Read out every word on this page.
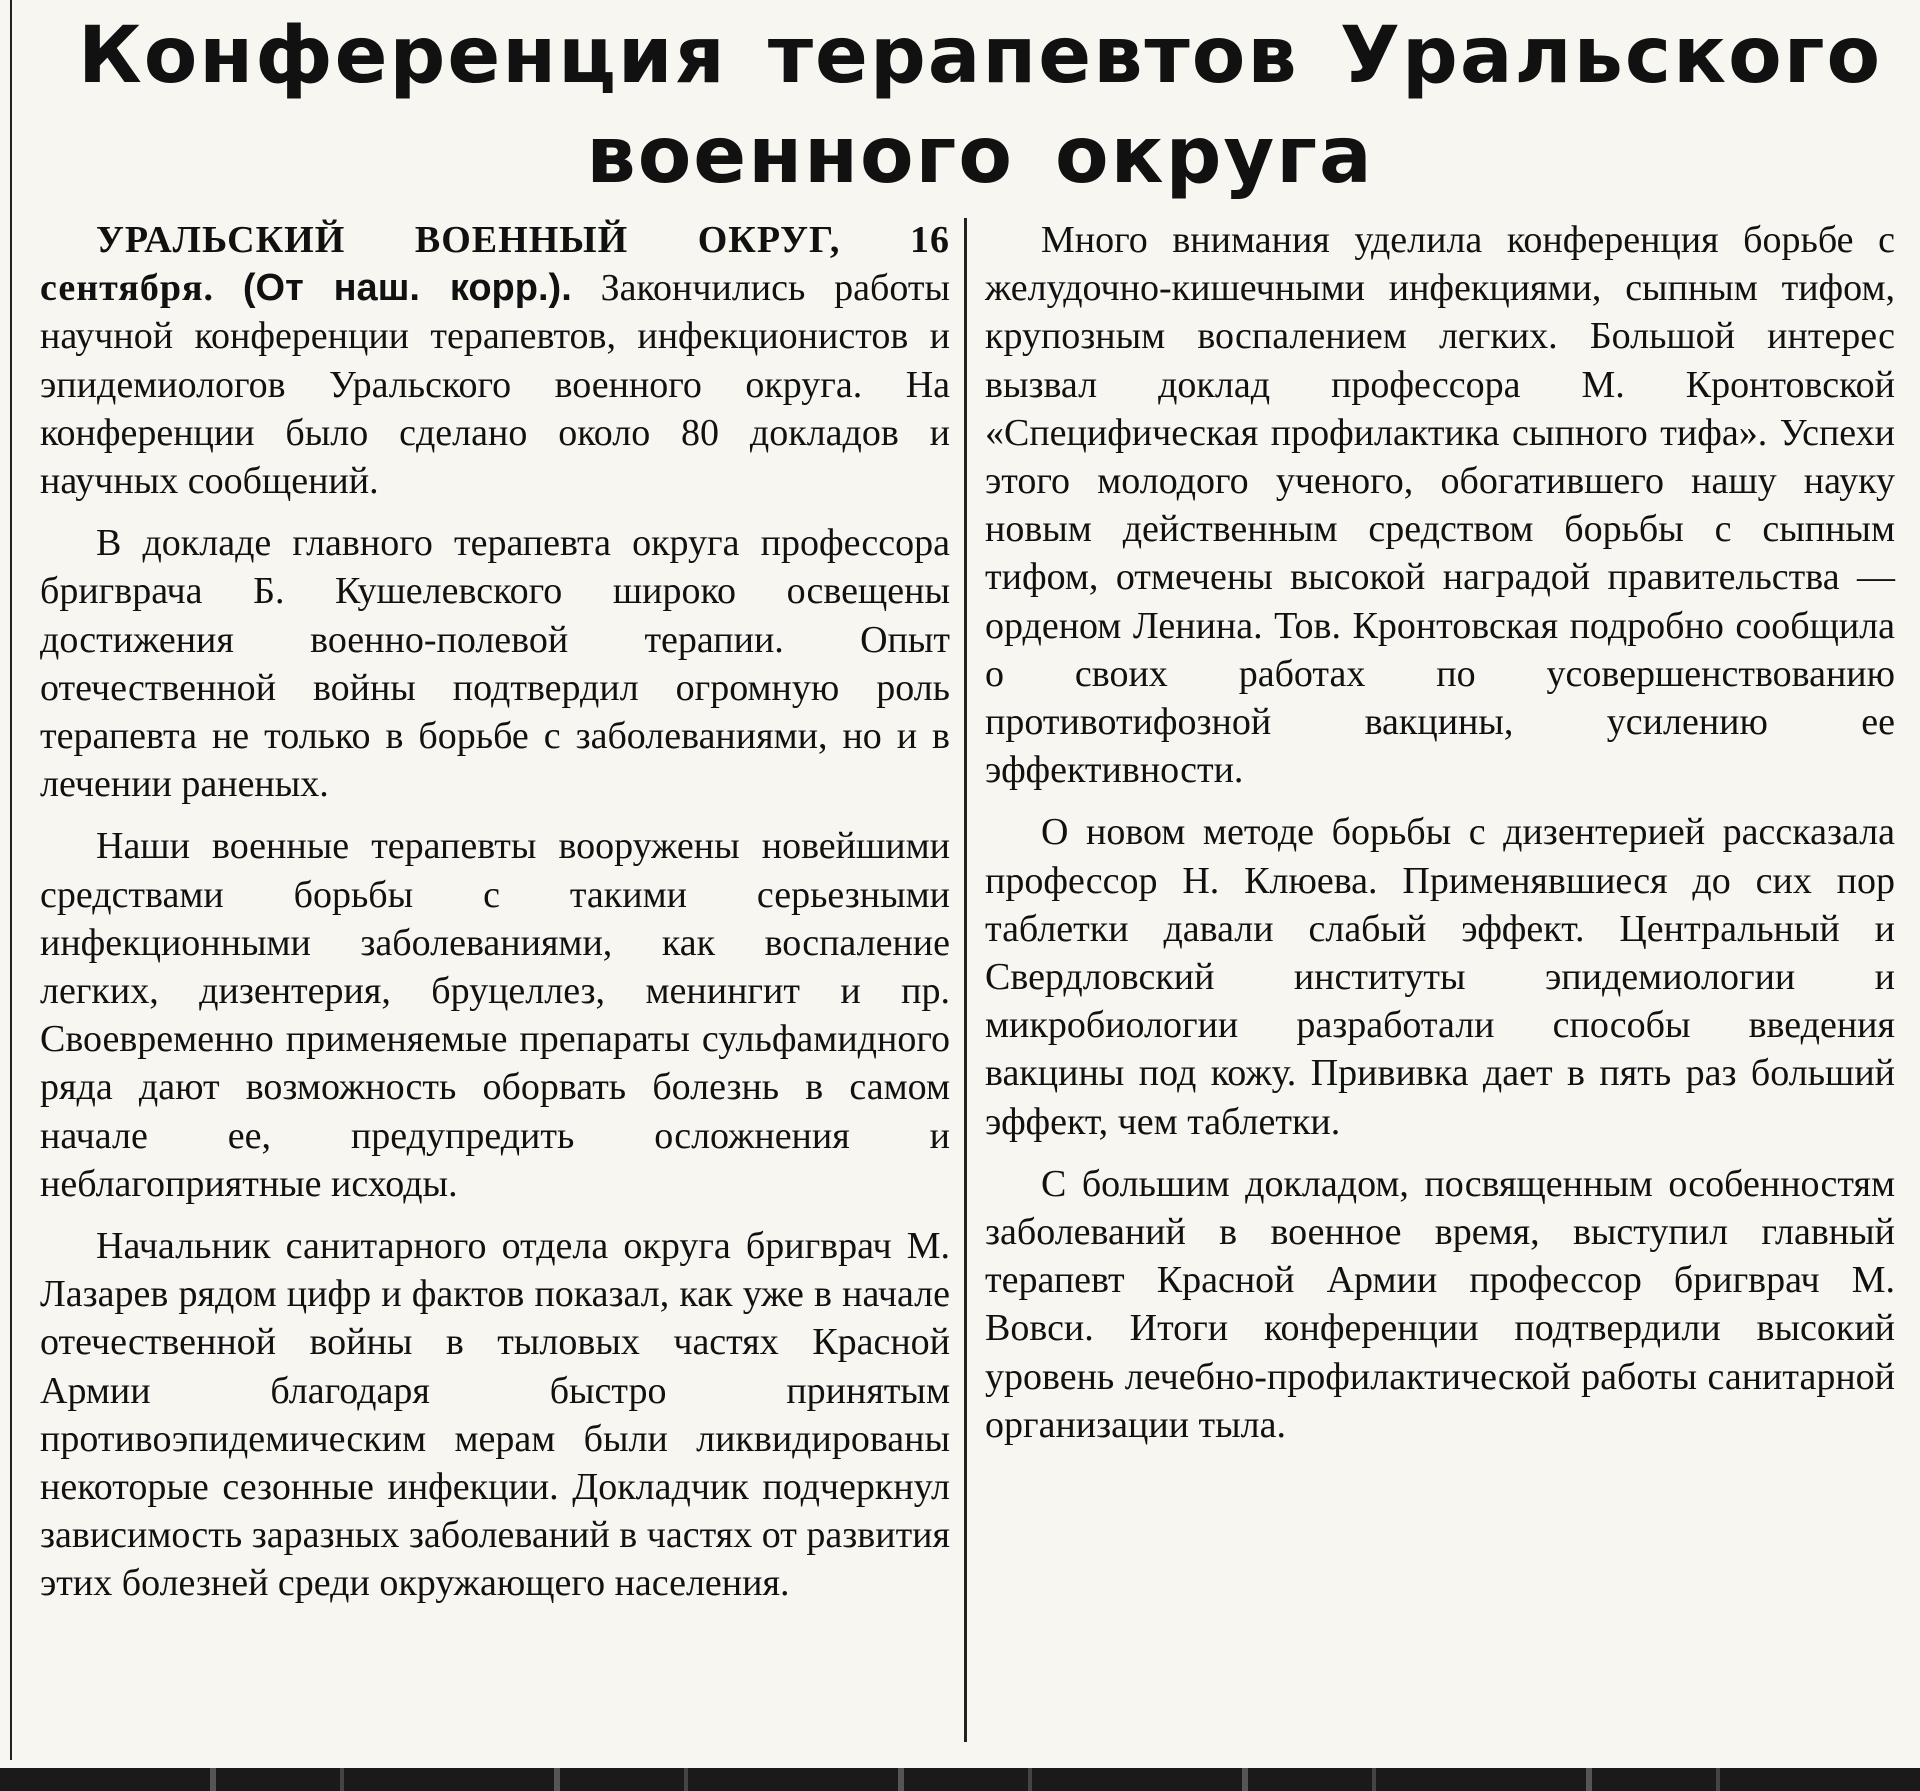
Конференция терапевтов Уральского
военного округа

УРАЛЬСКИЙ ВОЕННЫЙ ОКРУГ, 16 сентября. (От наш. корр.). Закончились работы научной конференции терапевтов, инфекционистов и эпидемиологов Уральского военного округа. На конференции было сделано около 80 докладов и научных сообщений.

В докладе главного терапевта округа профессора бригврача Б. Кушелевского широко освещены достижения военно-полевой терапии. Опыт отечественной войны подтвердил огромную роль терапевта не только в борьбе с заболеваниями, но и в лечении раненых.

Наши военные терапевты вооружены новейшими средствами борьбы с такими серьезными инфекционными заболеваниями, как воспаление легких, дизентерия, бруцеллез, менингит и пр. Своевременно применяемые препараты сульфамидного ряда дают возможность оборвать болезнь в самом начале ее, предупредить осложнения и неблагоприятные исходы.

Начальник санитарного отдела округа бригврач М. Лазарев рядом цифр и фактов показал, как уже в начале отечественной войны в тыловых частях Красной Армии благодаря быстро принятым противоэпидемическим мерам были ликвидированы некоторые сезонные инфекции. Докладчик подчеркнул зависимость заразных заболеваний в частях от развития этих болезней среди окружающего населения.

Много внимания уделила конференция борьбе с желудочно-кишечными инфекциями, сыпным тифом, крупозным воспалением легких. Большой интерес вызвал доклад профессора М. Кронтовской «Специфическая профилактика сыпного тифа». Успехи этого молодого ученого, обогатившего нашу науку новым действенным средством борьбы с сыпным тифом, отмечены высокой наградой правительства — орденом Ленина. Тов. Кронтовская подробно сообщила о своих работах по усовершенствованию противотифозной вакцины, усилению ее эффективности.

О новом методе борьбы с дизентерией рассказала профессор Н. Клюева. Применявшиеся до сих пор таблетки давали слабый эффект. Центральный и Свердловский институты эпидемиологии и микробиологии разработали способы введения вакцины под кожу. Прививка дает в пять раз больший эффект, чем таблетки.

С большим докладом, посвященным особенностям заболеваний в военное время, выступил главный терапевт Красной Армии профессор бригврач М. Вовси. Итоги конференции подтвердили высокий уровень лечебно-профилактической работы санитарной организации тыла.
